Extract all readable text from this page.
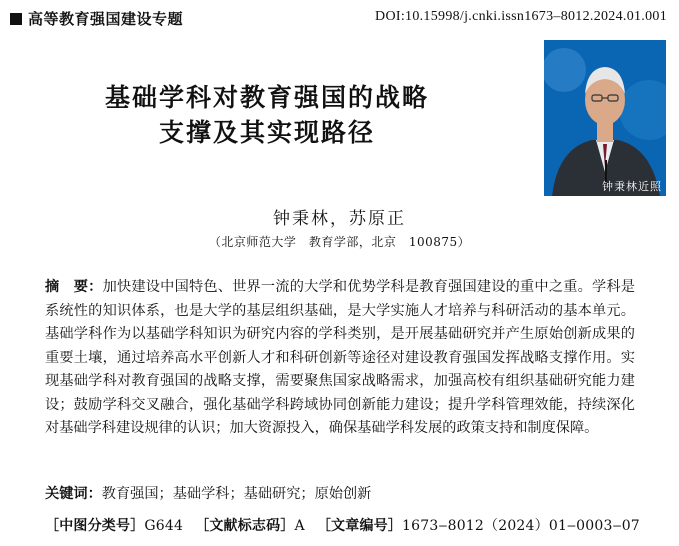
高等教育强国建设专题	DOI:10.15998/j.cnki.issn1673‒8012.2024.01.001
基础学科对教育强国的战略
支撑及其实现路径
钟秉林近照
钟秉林，苏原正
（北京师范大学　教育学部，北京　100875）
摘　要：加快建设中国特色、世界一流的大学和优势学科是教育强国建设的重中之重。学科是系统性的知识体系，也是大学的基层组织基础，是大学实施人才培养与科研活动的基本单元。基础学科作为以基础学科知识为研究内容的学科类别，是开展基础研究并产生原始创新成果的重要土壤，通过培养高水平创新人才和科研创新等途径对建设教育强国发挥战略支撑作用。实现基础学科对教育强国的战略支撑，需要聚焦国家战略需求，加强高校有组织基础研究能力建设；鼓励学科交叉融合，强化基础学科跨域协同创新能力建设；提升学科管理效能，持续深化对基础学科建设规律的认识；加大资源投入，确保基础学科发展的政策支持和制度保障。
关键词：教育强国；基础学科；基础研究；原始创新
［中图分类号］G644 ［文献标志码］A ［文章编号］1673‒8012（2024）01‒0003‒07
